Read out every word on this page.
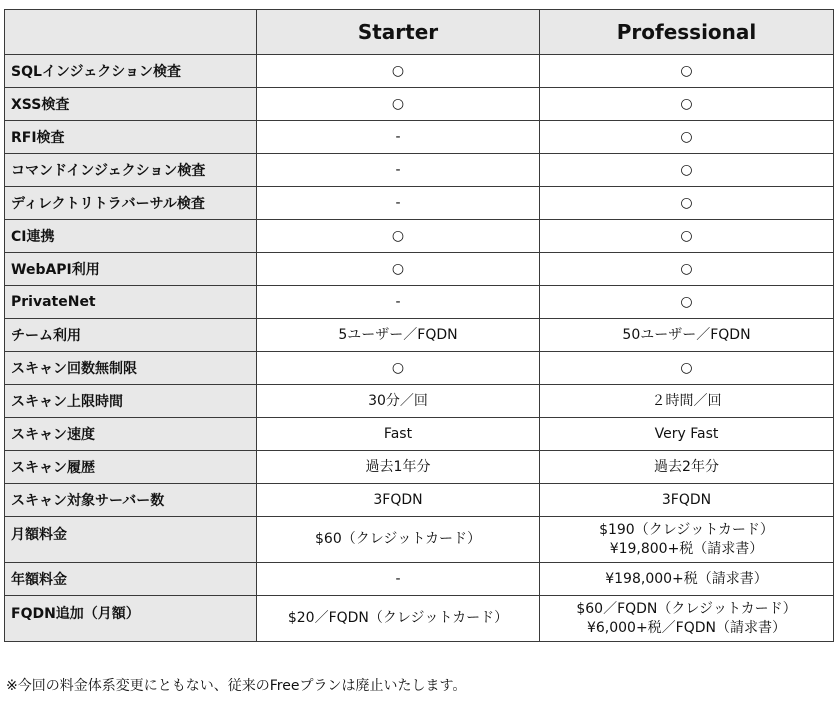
	Starter	Professional
SQLインジェクション検査	○	○

XSS検査	○	○

RFI検査	-	○

コマンドインジェクション検査	-	○

ディレクトリトラバーサル検査	-	○

CI連携	○	○

WebAPI利用	○	○

PrivateNet	-	○

チーム利用	5ユーザー／FQDN	50ユーザー／FQDN

スキャン回数無制限	○	○

スキャン上限時間	30分／回	２時間／回

スキャン速度	Fast	Very Fast

スキャン履歴	過去1年分	過去2年分

スキャン対象サーバー数	3FQDN	3FQDN

月額料金	$60（クレジットカード）	$190（クレジットカード）
¥19,800+税（請求書）

年額料金	-	¥198,000+税（請求書）

FQDN追加（月額）	$20／FQDN（クレジットカード）	$60／FQDN（クレジットカード）
¥6,000+税／FQDN（請求書）
※今回の料金体系変更にともない、従来のFreeプランは廃止いたします。
